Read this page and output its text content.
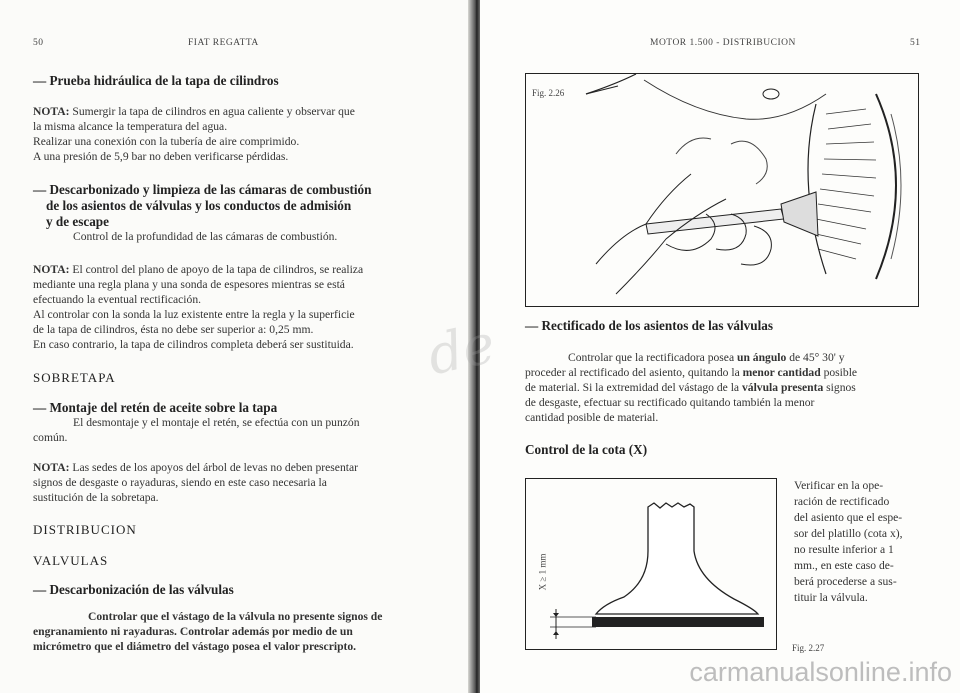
50	FIAT REGATTA
— Prueba hidráulica de la tapa de cilindros
NOTA: Sumergir la tapa de cilindros en agua caliente y observar que
la misma alcance la temperatura del agua.
Realizar una conexión con la tubería de aire comprimido.
A una presión de 5,9 bar no deben verificarse pérdidas.
— Descarbonizado y limpieza de las cámaras de combustión
de los asientos de válvulas y los conductos de admisión
y de escape
Control de la profundidad de las cámaras de combustión.
NOTA: El control del plano de apoyo de la tapa de cilindros, se realiza
mediante una regla plana y una sonda de espesores mientras se está
efectuando la eventual rectificación.
Al controlar con la sonda la luz existente entre la regla y la superficie
de la tapa de cilindros, ésta no debe ser superior a: 0,25 mm.
En caso contrario, la tapa de cilindros completa deberá ser sustituida.
SOBRETAPA
— Montaje del retén de aceite sobre la tapa
El desmontaje y el montaje el retén, se efectúa con un punzón
común.
NOTA: Las sedes de los apoyos del árbol de levas no deben presentar
signos de desgaste o rayaduras, siendo en este caso necesaria la
sustitución de la sobretapa.
DISTRIBUCION
VALVULAS
— Descarbonización de las válvulas
Controlar que el vástago de la válvula no presente signos de
engranamiento ni rayaduras. Controlar además por medio de un
micrómetro que el diámetro del vástago posea el valor prescripto.
MOTOR 1.500 - DISTRIBUCION	51
Fig. 2.26
— Rectificado de los asientos de las válvulas
Controlar que la rectificadora posea un ángulo de 45° 30' y
proceder al rectificado del asiento, quitando la menor cantidad posible
de material. Si la extremidad del vástago de la válvula presenta signos
de desgaste, efectuar su rectificado quitando también la menor
cantidad posible de material.
Control de la cota (X)
X ≥ 1 mm
Verificar en la ope-
ración de rectificado
del asiento que el espe-
sor del platillo (cota x),
no resulte inferior a 1
mm., en este caso de-
berá procederse a sus-
tituir la válvula.
Fig. 2.27
de
carmanualsonline.info
